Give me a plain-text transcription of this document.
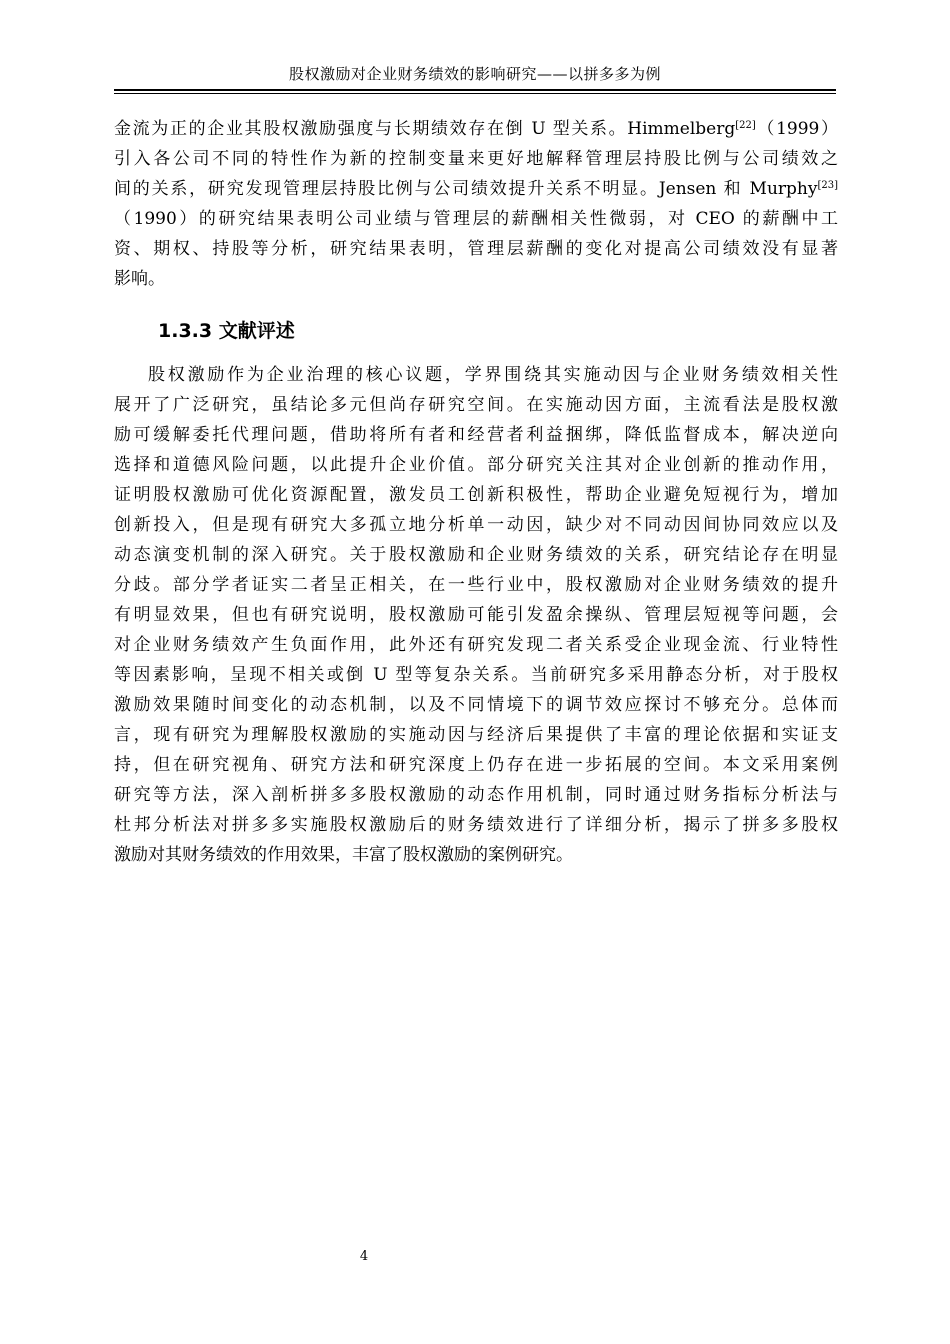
股权激励对企业财务绩效的影响研究——以拼多多为例

金流为正的企业其股权激励强度与长期绩效存在倒 U 型关系。Himmelberg[22]（1999）
引入各公司不同的特性作为新的控制变量来更好地解释管理层持股比例与公司绩效之
间的关系，研究发现管理层持股比例与公司绩效提升关系不明显。Jensen 和 Murphy[23]
（1990）的研究结果表明公司业绩与管理层的薪酬相关性微弱，对 CEO 的薪酬中工
资、期权、持股等分析，研究结果表明，管理层薪酬的变化对提高公司绩效没有显著
影响。

1.3.3 文献评述

股权激励作为企业治理的核心议题，学界围绕其实施动因与企业财务绩效相关性
展开了广泛研究，虽结论多元但尚存研究空间。在实施动因方面，主流看法是股权激
励可缓解委托代理问题，借助将所有者和经营者利益捆绑，降低监督成本，解决逆向
选择和道德风险问题，以此提升企业价值。部分研究关注其对企业创新的推动作用，
证明股权激励可优化资源配置，激发员工创新积极性，帮助企业避免短视行为，增加
创新投入，但是现有研究大多孤立地分析单一动因，缺少对不同动因间协同效应以及
动态演变机制的深入研究。关于股权激励和企业财务绩效的关系，研究结论存在明显
分歧。部分学者证实二者呈正相关，在一些行业中，股权激励对企业财务绩效的提升
有明显效果，但也有研究说明，股权激励可能引发盈余操纵、管理层短视等问题，会
对企业财务绩效产生负面作用，此外还有研究发现二者关系受企业现金流、行业特性
等因素影响，呈现不相关或倒 U 型等复杂关系。当前研究多采用静态分析，对于股权
激励效果随时间变化的动态机制，以及不同情境下的调节效应探讨不够充分。总体而
言，现有研究为理解股权激励的实施动因与经济后果提供了丰富的理论依据和实证支
持，但在研究视角、研究方法和研究深度上仍存在进一步拓展的空间。本文采用案例
研究等方法，深入剖析拼多多股权激励的动态作用机制，同时通过财务指标分析法与
杜邦分析法对拼多多实施股权激励后的财务绩效进行了详细分析，揭示了拼多多股权
激励对其财务绩效的作用效果，丰富了股权激励的案例研究。

4
